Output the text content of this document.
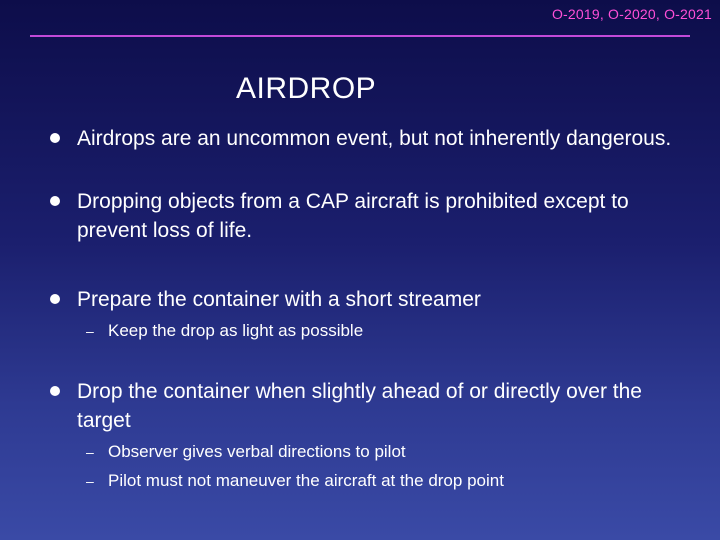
O-2019, O-2020, O-2021
AIRDROP
Airdrops are an uncommon event, but not inherently dangerous.
Dropping objects from a CAP aircraft is prohibited except to prevent loss of life.
Prepare the container with a short streamer
– Keep the drop as light as possible
Drop the container when slightly ahead of or directly over the target
– Observer gives verbal directions to pilot
– Pilot must not maneuver the aircraft at the drop point
